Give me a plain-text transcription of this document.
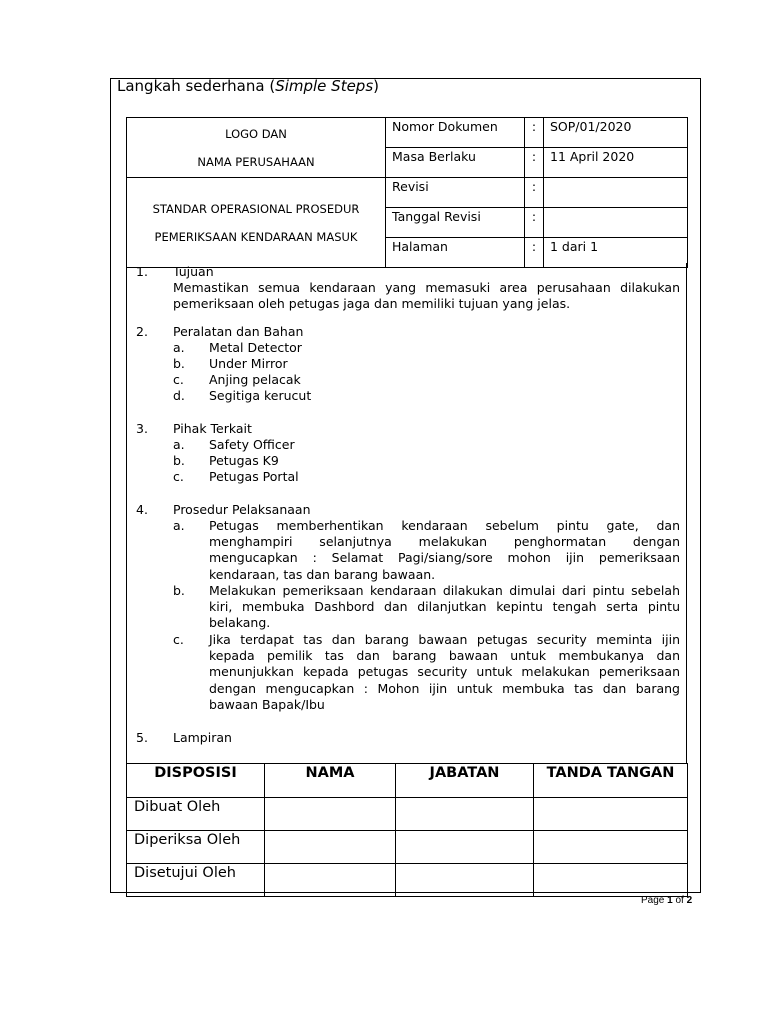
Langkah sederhana (Simple Steps)
LOGO DAN
NAMA PERUSAHAAN	Nomor Dokumen	:	SOP/01/2020
	Masa Berlaku	:	11 April 2020

STANDAR OPERASIONAL PROSEDUR
PEMERIKSAAN KENDARAAN MASUK	Revisi	:	
	Tanggal Revisi	:	
	Halaman	:	1 dari 1
1. Tujuan
Memastikan semua kendaraan yang memasuki area perusahaan dilakukan pemeriksaan oleh petugas jaga dan memiliki tujuan yang jelas.
2. Peralatan dan Bahan
a. Metal Detector
b. Under Mirror
c. Anjing pelacak
d. Segitiga kerucut
3. Pihak Terkait
a. Safety Officer
b. Petugas K9
c. Petugas Portal
4. Prosedur Pelaksanaan
a. Petugas memberhentikan kendaraan sebelum pintu gate, dan menghampiri selanjutnya melakukan penghormatan dengan mengucapkan : Selamat Pagi/siang/sore mohon ijin pemeriksaan kendaraan, tas dan barang bawaan.
b. Melakukan pemeriksaan kendaraan dilakukan dimulai dari pintu sebelah kiri, membuka Dashbord dan dilanjutkan kepintu tengah serta pintu belakang.
c. Jika terdapat tas dan barang bawaan petugas security meminta ijin kepada pemilik tas dan barang bawaan untuk membukanya dan menunjukkan kepada petugas security untuk melakukan pemeriksaan dengan mengucapkan : Mohon ijin untuk membuka tas dan barang bawaan Bapak/Ibu
5. Lampiran
DISPOSISI	NAMA	JABATAN	TANDA TANGAN
Dibuat Oleh			
Diperiksa Oleh			
Disetujui Oleh			
Page 1 of 2
